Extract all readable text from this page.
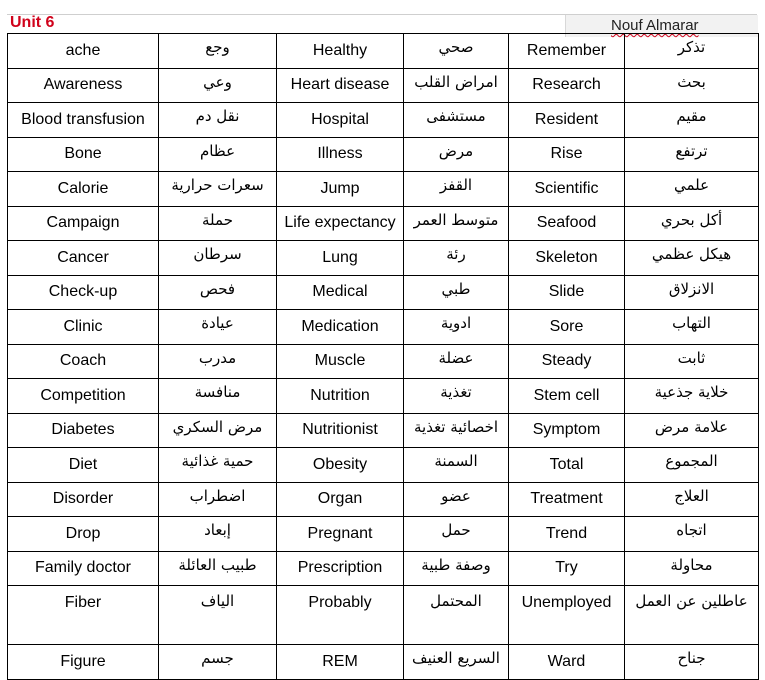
Unit 6	Nouf Almarar
ache	وجع	Healthy	صحي	Remember	تذكر
Awareness	وعي	Heart disease	امراض القلب	Research	بحث
Blood transfusion	نقل دم	Hospital	مستشفى	Resident	مقيم
Bone	عظام	Illness	مرض	Rise	ترتفع
Calorie	سعرات حرارية	Jump	القفز	Scientific	علمي
Campaign	حملة	Life expectancy	متوسط العمر	Seafood	أكل بحري
Cancer	سرطان	Lung	رئة	Skeleton	هيكل عظمي
Check-up	فحص	Medical	طبي	Slide	الانزلاق
Clinic	عيادة	Medication	ادوية	Sore	التهاب
Coach	مدرب	Muscle	عضلة	Steady	ثابت
Competition	منافسة	Nutrition	تغذية	Stem cell	خلاية جذعية
Diabetes	مرض السكري	Nutritionist	اخصائية تغذية	Symptom	علامة مرض
Diet	حمية غذائية	Obesity	السمنة	Total	المجموع
Disorder	اضطراب	Organ	عضو	Treatment	العلاج
Drop	إبعاد	Pregnant	حمل	Trend	اتجاه
Family doctor	طبيب العائلة	Prescription	وصفة طبية	Try	محاولة
Fiber	الياف	Probably	المحتمل	Unemployed	عاطلين عن العمل
Figure	جسم	REM	السريع العنيف	Ward	جناح
